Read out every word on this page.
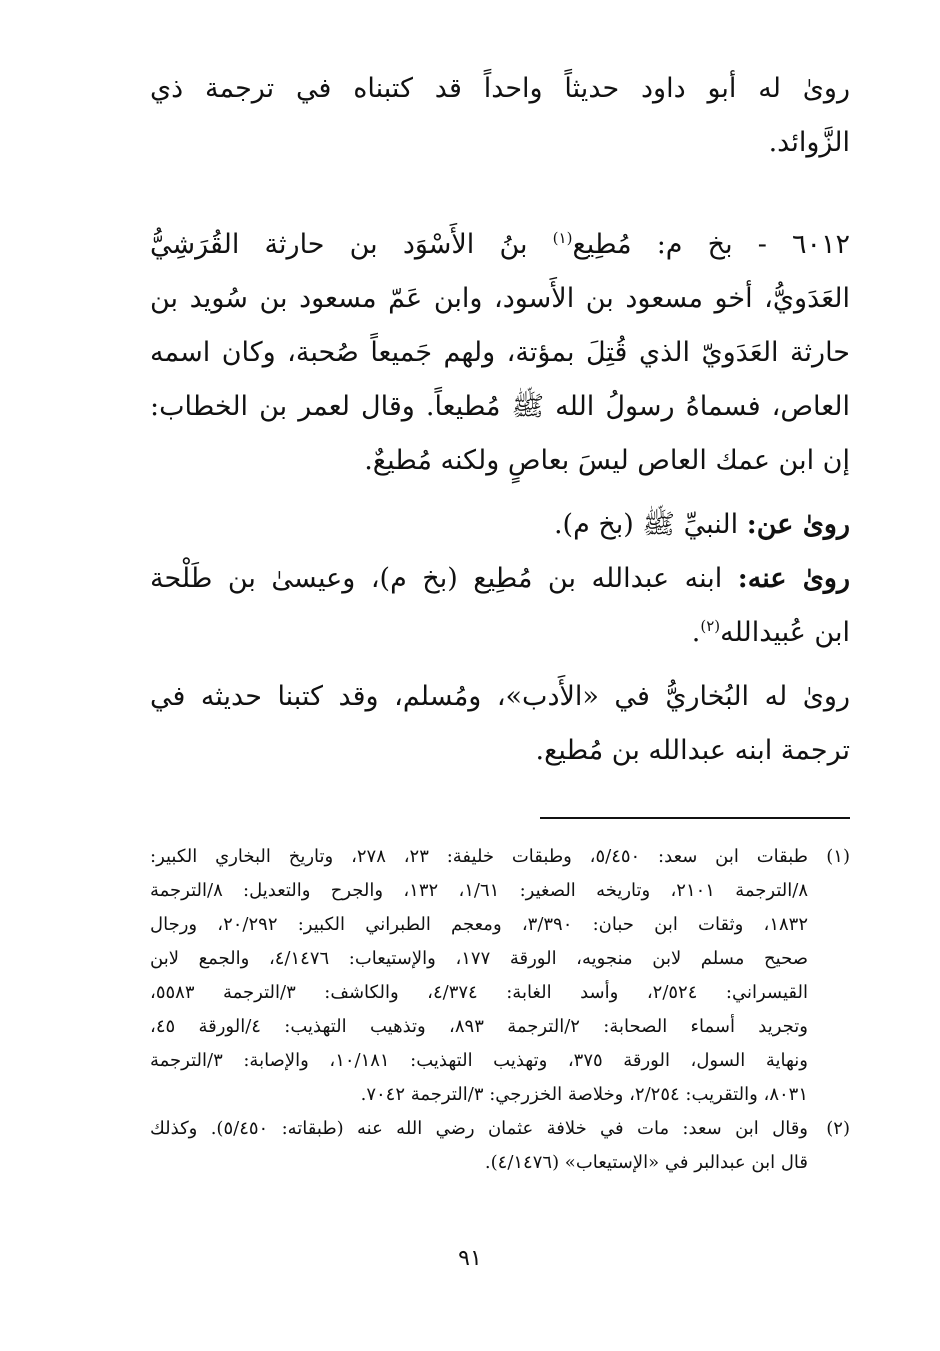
روىٰ له أبو داود حديثاً واحداً قد كتبناه في ترجمة ذي
الزَّوائد.
٦٠١٢ - بخ م: مُطِيع$^{(١)}$ بنُ الأَسْوَد بن حارثة القُرَشِيُّ
العَدَويُّ، أخو مسعود بن الأَسود، وابن عَمّ مسعود بن سُويد بن
حارثة العَدَويّ الذي قُتِلَ بمؤتة، ولهم جَميعاً صُحبة، وكان اسمه
العاص، فسماهُ رسولُ الله ﷺ مُطيعاً. وقال لعمر بن الخطاب:
إن ابن عمك العاص ليسَ بعاصٍ ولكنه مُطيعٌ.
روىٰ عن: النبيِّ ﷺ (بخ م).
روىٰ عنه: ابنه عبدالله بن مُطِيع (بخ م)، وعيسىٰ بن طَلْحة
ابن عُبيدالله$^{(٢)}$.
روىٰ له البُخاريُّ في «الأَدب»، ومُسلم، وقد كتبنا حديثه في
ترجمة ابنه عبدالله بن مُطيع.
(١)
طبقات ابن سعد: ٥/٤٥٠، وطبقات خليفة: ٢٣، ٢٧٨، وتاريخ البخاري الكبير:
٨/الترجمة ٢١٠١، وتاريخه الصغير: ١/٦١، ١٣٢، والجرح والتعديل: ٨/الترجمة
١٨٣٢، وثقات ابن حبان: ٣/٣٩٠، ومعجم الطبراني الكبير: ٢٠/٢٩٢، ورجال
صحيح مسلم لابن منجويه، الورقة ١٧٧، والإستيعاب: ٤/١٤٧٦، والجمع لابن
القيسراني: ٢/٥٢٤، وأسد الغابة: ٤/٣٧٤، والكاشف: ٣/الترجمة ٥٥٨٣،
وتجريد أسماء الصحابة: ٢/الترجمة ٨٩٣، وتذهيب التهذيب: ٤/الورقة ٤٥،
ونهاية السول، الورقة ٣٧٥، وتهذيب التهذيب: ١٠/١٨١، والإصابة: ٣/الترجمة
٨٠٣١، والتقريب: ٢/٢٥٤، وخلاصة الخزرجي: ٣/الترجمة ٧٠٤٢.
(٢)
وقال ابن سعد: مات في خلافة عثمان رضي الله عنه (طبقاته: ٥/٤٥٠). وكذلك
قال ابن عبدالبر في «الإستيعاب» (٤/١٤٧٦).
٩١
